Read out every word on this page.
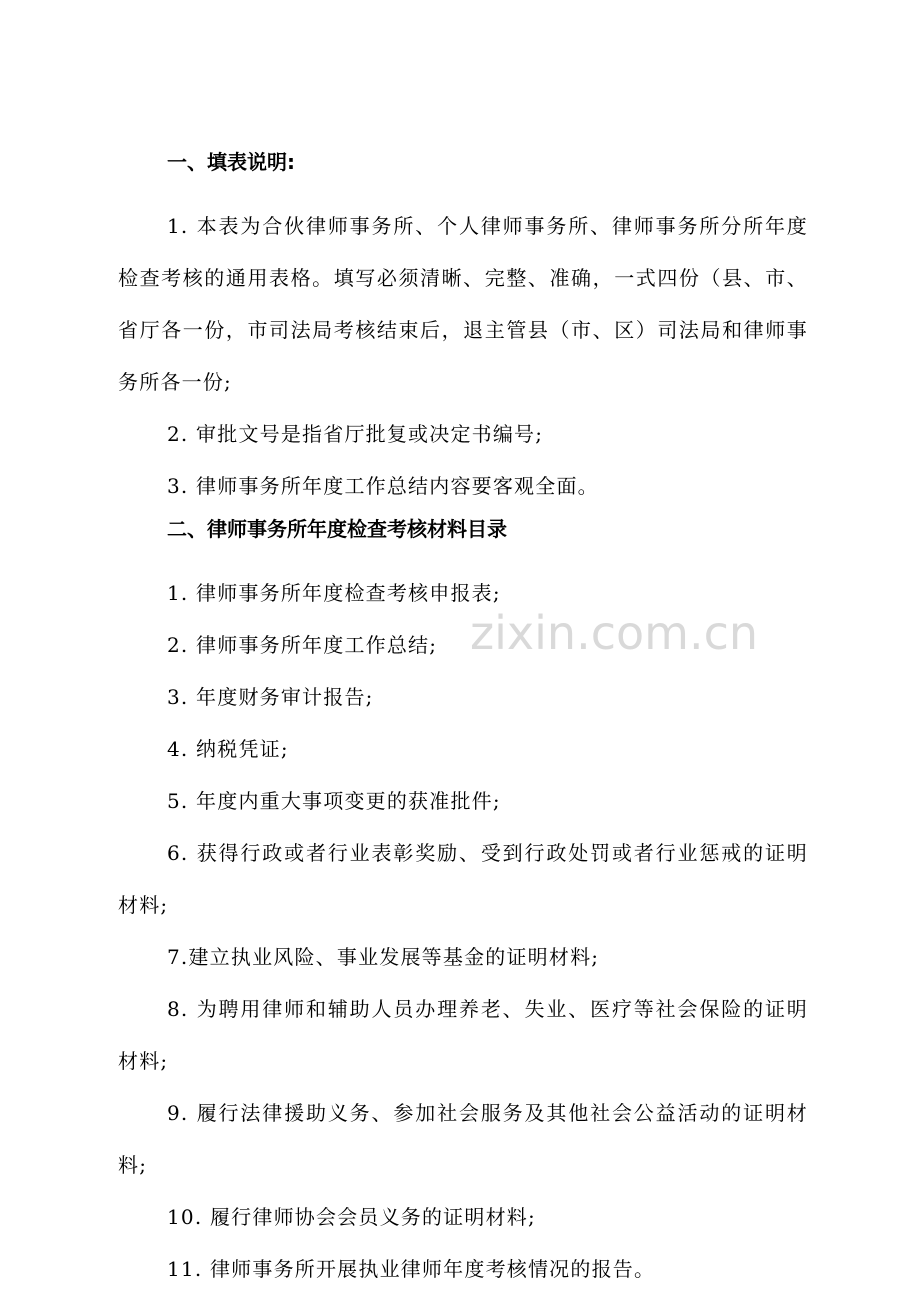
一、填表说明:

1. 本表为合伙律师事务所、个人律师事务所、律师事务所分所年度检查考核的通用表格。填写必须清晰、完整、准确，一式四份（县、市、省厅各一份，市司法局考核结束后，退主管县（市、区）司法局和律师事务所各一份;

2. 审批文号是指省厅批复或决定书编号;

3. 律师事务所年度工作总结内容要客观全面。

二、律师事务所年度检查考核材料目录

1. 律师事务所年度检查考核申报表;

2. 律师事务所年度工作总结;

3. 年度财务审计报告;

4. 纳税凭证;

5. 年度内重大事项变更的获准批件;

6. 获得行政或者行业表彰奖励、受到行政处罚或者行业惩戒的证明材料;

7.建立执业风险、事业发展等基金的证明材料;

8. 为聘用律师和辅助人员办理养老、失业、医疗等社会保险的证明材料;

9. 履行法律援助义务、参加社会服务及其他社会公益活动的证明材料;

10. 履行律师协会会员义务的证明材料;

11. 律师事务所开展执业律师年度考核情况的报告。

zixin.com.cn
